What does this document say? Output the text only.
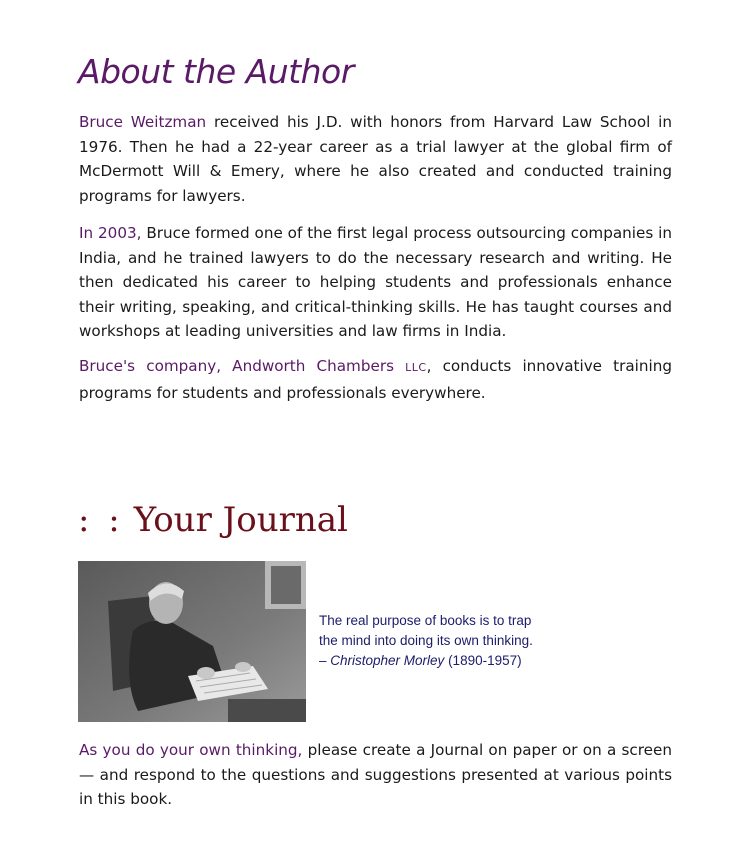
About the Author

Bruce Weitzman received his J.D. with honors from Harvard Law School in 1976. Then he had a 22-year career as a trial lawyer at the global firm of McDermott Will & Emery, where he also created and conducted training programs for lawyers.

In 2003, Bruce formed one of the first legal process outsourcing companies in India, and he trained lawyers to do the necessary research and writing. He then dedicated his career to helping students and professionals enhance their writing, speaking, and critical-thinking skills. He has taught courses and workshops at leading universities and law firms in India.

Bruce's company, Andworth Chambers LLC, conducts innovative training programs for students and professionals everywhere.

: : Your Journal
The real purpose of books is to trap
the mind into doing its own thinking.
– Christopher Morley (1890-1957)

As you do your own thinking, please create a Journal on paper or on a screen — and respond to the questions and suggestions presented at various points in this book.
